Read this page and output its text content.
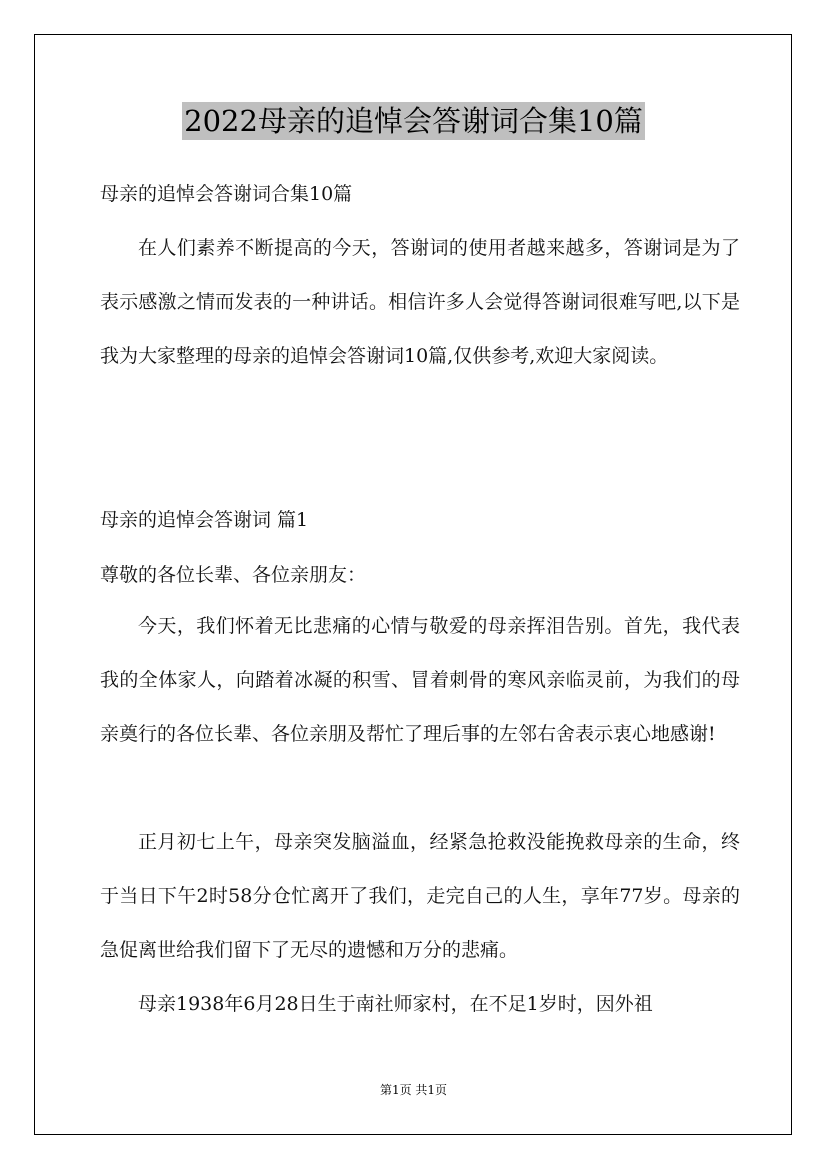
2022母亲的追悼会答谢词合集10篇

母亲的追悼会答谢词合集10篇

在人们素养不断提高的今天，答谢词的使用者越来越多，答谢词是为了表示感激之情而发表的一种讲话。相信许多人会觉得答谢词很难写吧,以下是我为大家整理的母亲的追悼会答谢词10篇,仅供参考,欢迎大家阅读。

母亲的追悼会答谢词 篇1

尊敬的各位长辈、各位亲朋友：

今天，我们怀着无比悲痛的心情与敬爱的母亲挥泪告别。首先，我代表我的全体家人，向踏着冰凝的积雪、冒着刺骨的寒风亲临灵前，为我们的母亲奠行的各位长辈、各位亲朋及帮忙了理后事的左邻右舍表示衷心地感谢!

正月初七上午，母亲突发脑溢血，经紧急抢救没能挽救母亲的生命，终于当日下午2时58分仓忙离开了我们，走完自己的人生，享年77岁。母亲的急促离世给我们留下了无尽的遗憾和万分的悲痛。

母亲1938年6月28日生于南社师家村，在不足1岁时，因外祖

第1页 共1页
